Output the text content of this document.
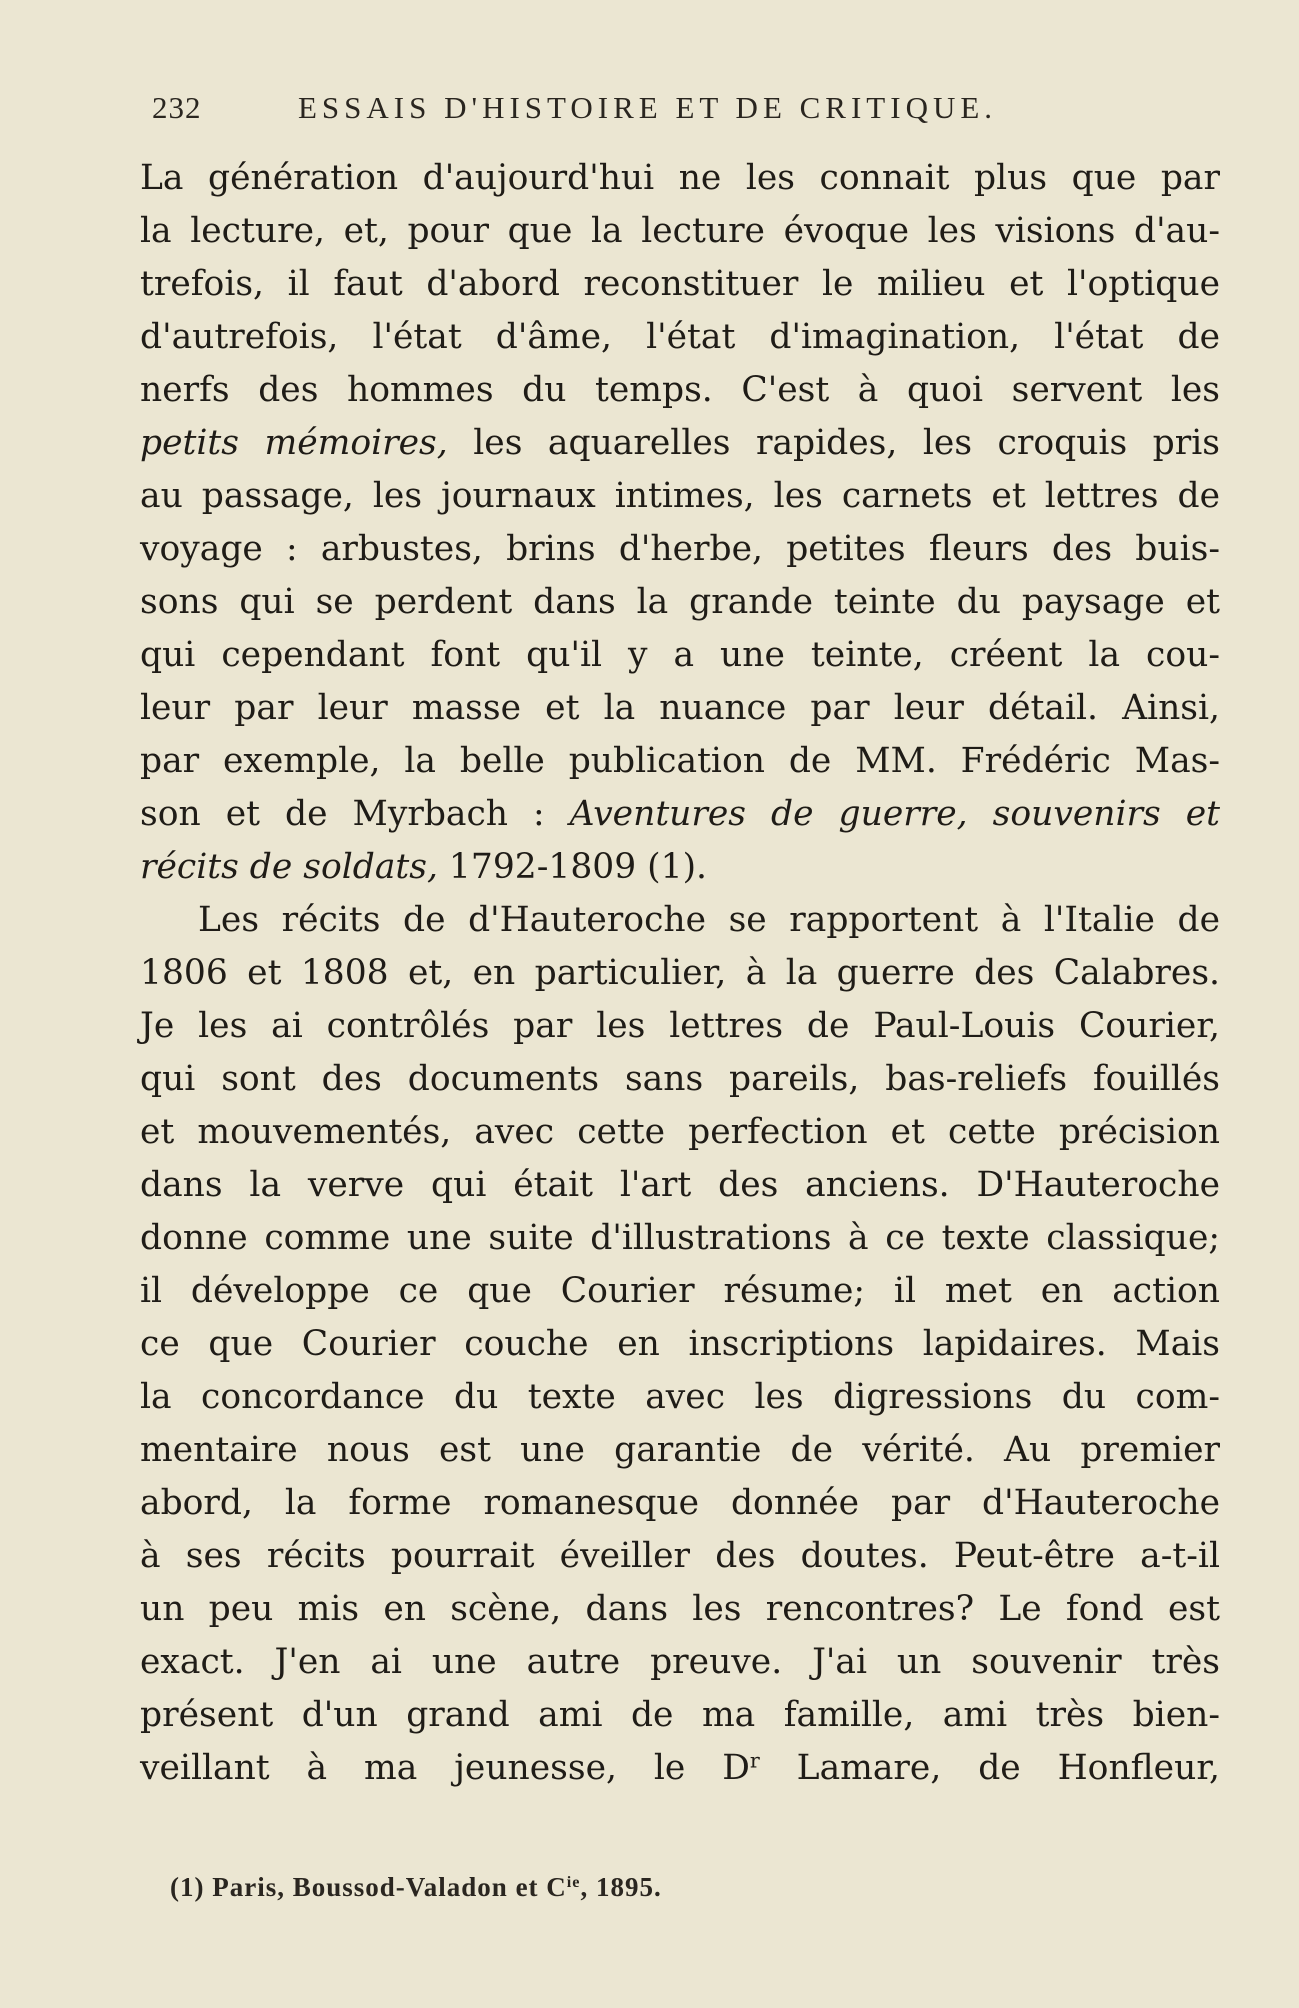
232	ESSAIS D'HISTOIRE ET DE CRITIQUE.
La génération d'aujourd'hui ne les connait plus que par
la lecture, et, pour que la lecture évoque les visions d'au-
trefois, il faut d'abord reconstituer le milieu et l'optique
d'autrefois, l'état d'âme, l'état d'imagination, l'état de
nerfs des hommes du temps. C'est à quoi servent les
petits mémoires, les aquarelles rapides, les croquis pris
au passage, les journaux intimes, les carnets et lettres de
voyage : arbustes, brins d'herbe, petites fleurs des buis-
sons qui se perdent dans la grande teinte du paysage et
qui cependant font qu'il y a une teinte, créent la cou-
leur par leur masse et la nuance par leur détail. Ainsi,
par exemple, la belle publication de MM. Frédéric Mas-
son et de Myrbach : Aventures de guerre, souvenirs et
récits de soldats, 1792-1809 (1).
Les récits de d'Hauteroche se rapportent à l'Italie de
1806 et 1808 et, en particulier, à la guerre des Calabres.
Je les ai contrôlés par les lettres de Paul-Louis Courier,
qui sont des documents sans pareils, bas-reliefs fouillés
et mouvementés, avec cette perfection et cette précision
dans la verve qui était l'art des anciens. D'Hauteroche
donne comme une suite d'illustrations à ce texte classique;
il développe ce que Courier résume; il met en action
ce que Courier couche en inscriptions lapidaires. Mais
la concordance du texte avec les digressions du com-
mentaire nous est une garantie de vérité. Au premier
abord, la forme romanesque donnée par d'Hauteroche
à ses récits pourrait éveiller des doutes. Peut-être a-t-il
un peu mis en scène, dans les rencontres? Le fond est
exact. J'en ai une autre preuve. J'ai un souvenir très
présent d'un grand ami de ma famille, ami très bien-
veillant à ma jeunesse, le $D^r$ Lamare, de Honfleur,
(1) Paris, Boussod-Valadon et $C^{ie}$, 1895.
